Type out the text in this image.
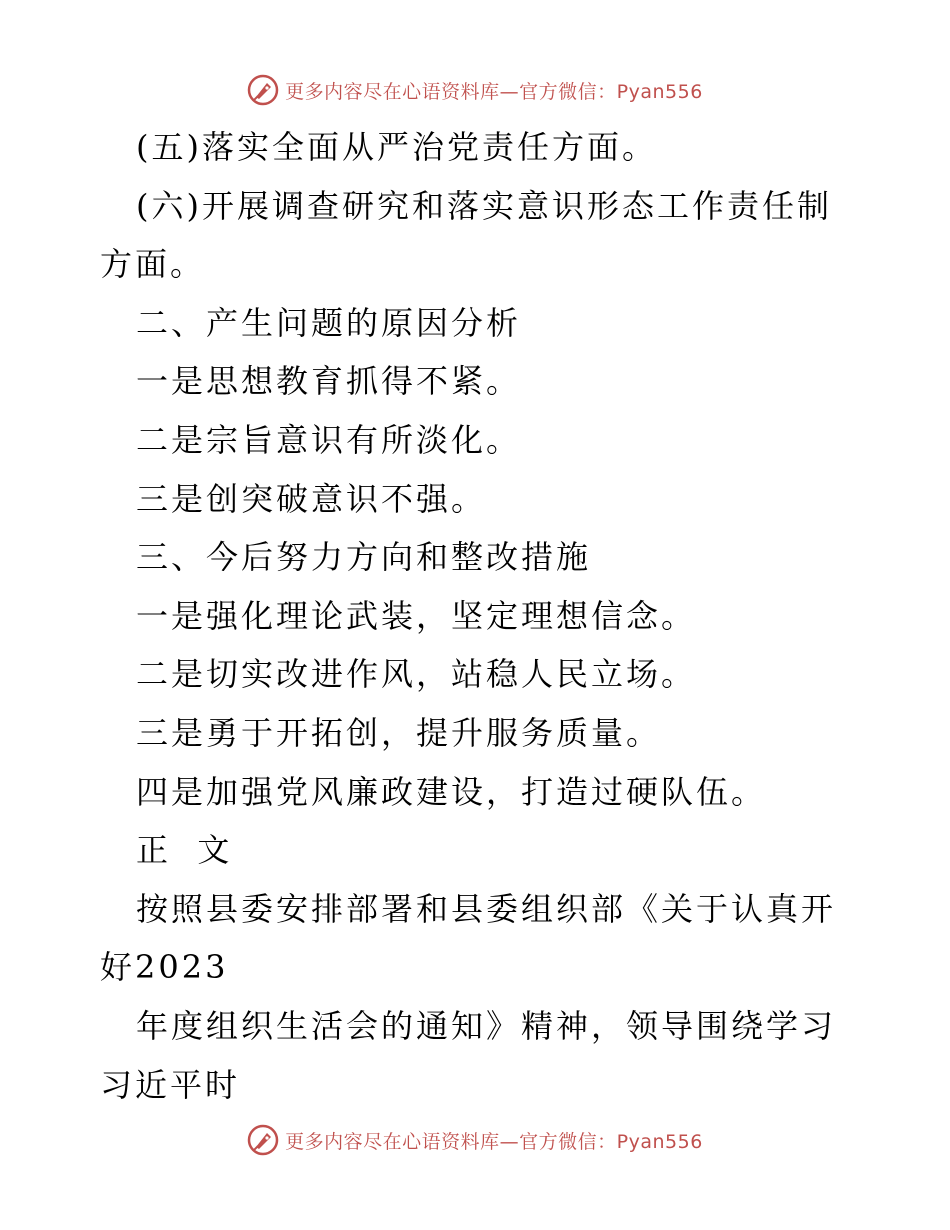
更多内容尽在心语资料库—官方微信：Pyan556

(五)落实全面从严治党责任方面。

(六)开展调查研究和落实意识形态工作责任制方面。

二、产生问题的原因分析

一是思想教育抓得不紧。

二是宗旨意识有所淡化。

三是创突破意识不强。

三、今后努力方向和整改措施

一是强化理论武装，坚定理想信念。

二是切实改进作风，站稳人民立场。

三是勇于开拓创，提升服务质量。

四是加强党风廉政建设，打造过硬队伍。

正  文

按照县委安排部署和县委组织部《关于认真开好2023

年度组织生活会的通知》精神，领导围绕学习习近平时

更多内容尽在心语资料库—官方微信：Pyan556
